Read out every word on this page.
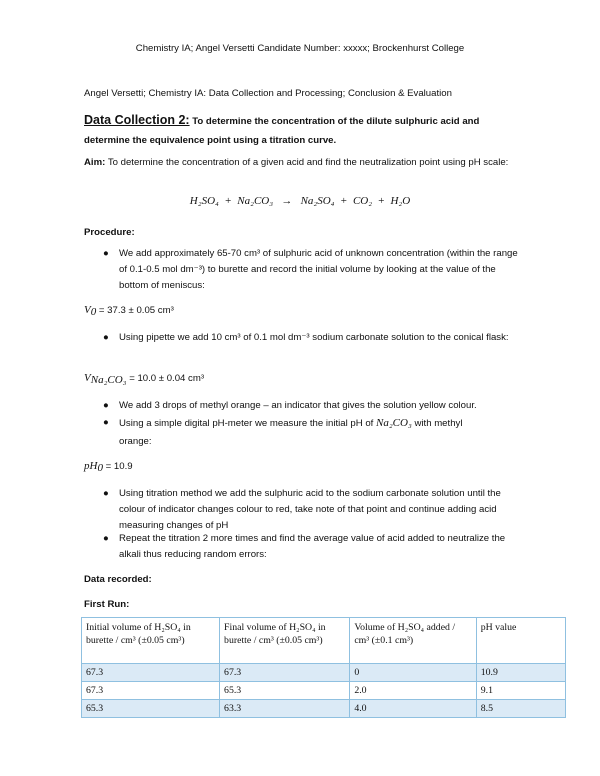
Chemistry IA; Angel Versetti Candidate Number: xxxxx; Brockenhurst College
Angel Versetti; Chemistry IA: Data Collection and Processing; Conclusion & Evaluation
Data Collection 2: To determine the concentration of the dilute sulphuric acid and
determine the equivalence point using a titration curve.
Aim: To determine the concentration of a given acid and find the neutralization point using pH scale:
H₂SO₄ + Na₂CO₃ → Na₂SO₄ + CO₂ + H₂O
Procedure:
● We add approximately 65-70 cm³ of sulphuric acid of unknown concentration (within the range of 0.1-0.5 mol dm⁻³) to burette and record the initial volume by looking at the value of the bottom of meniscus:
$V_0 = 37.3 \pm 0.05$ cm³
● Using pipette we add 10 cm³ of 0.1 mol dm⁻³ sodium carbonate solution to the conical flask:
$V_{Na_2CO_3} = 10.0 \pm 0.04$ cm³
● We add 3 drops of methyl orange – an indicator that gives the solution yellow colour.
● Using a simple digital pH-meter we measure the initial pH of Na₂CO₃ with methyl
orange:
$pH_0 = 10.9$
● Using titration method we add the sulphuric acid to the sodium carbonate solution until the colour of indicator changes colour to red, take note of that point and continue adding acid measuring changes of pH
● Repeat the titration 2 more times and find the average value of acid added to neutralize the alkali thus reducing random errors:
Data recorded:
First Run:
Initial volume of H₂SO₄ in burette / cm³ (±0.05 cm³)	Final volume of H₂SO₄ in burette / cm³ (±0.05 cm³)	Volume of H₂SO₄ added / cm³ (±0.1 cm³)	pH value
67.3	67.3	0	10.9
67.3	65.3	2.0	9.1
65.3	63.3	4.0	8.5
